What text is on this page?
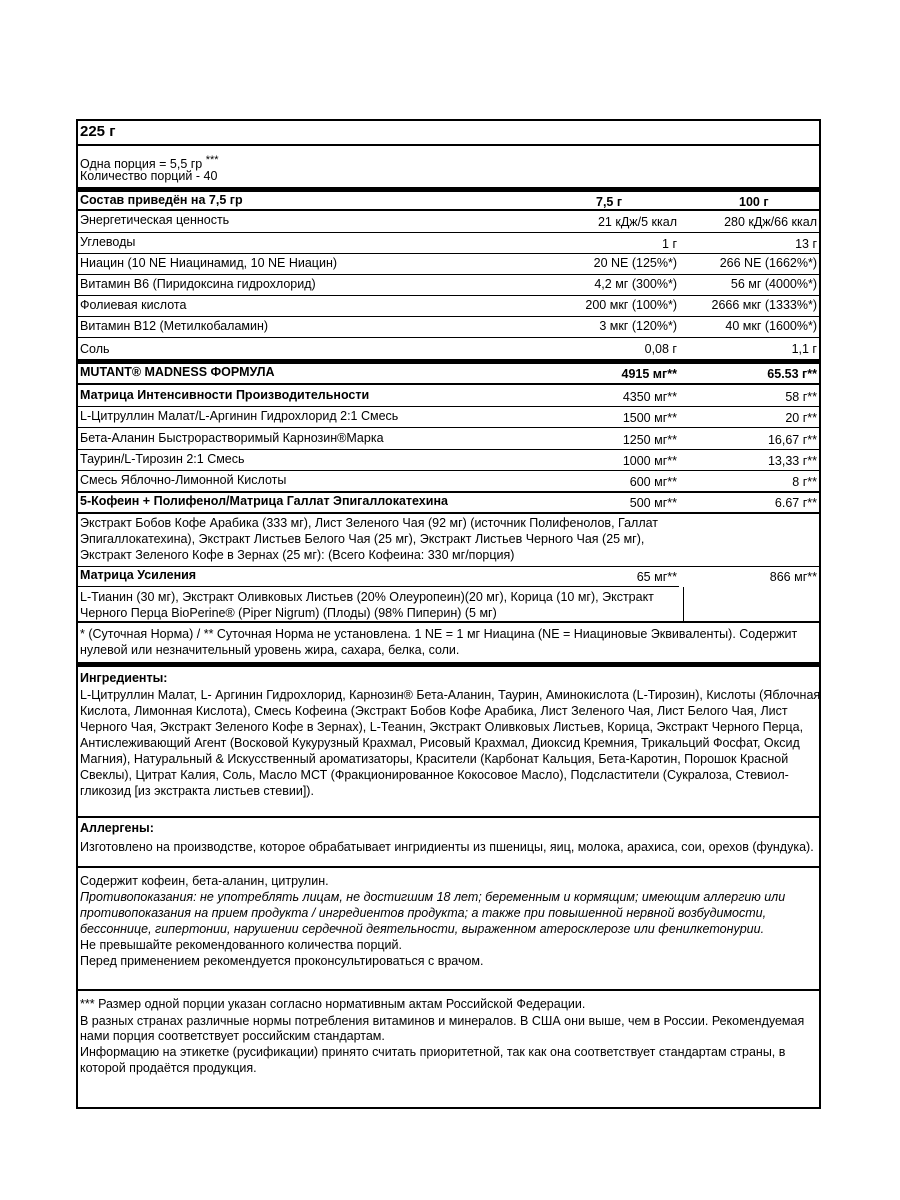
225 г
Одна порция = 5,5 гр ***
Количество порций - 40
Состав приведён на 7,5 гр	7,5 г	100 г
Энергетическая ценность	21 кДж/5 ккал	280 кДж/66 ккал
Углеводы	1 г	13 г
Ниацин (10 NE Ниацинамид, 10 NE Ниацин)	20 NE (125%*)	266 NE (1662%*)
Витамин B6 (Пиридоксина гидрохлорид)	4,2 мг (300%*)	56 мг (4000%*)
Фолиевая кислота	200 мкг (100%*)	2666 мкг (1333%*)
Витамин B12 (Метилкобаламин)	3 мкг (120%*)	40 мкг (1600%*)
Соль	0,08 г	1,1 г
MUTANT® MADNESS ФОРМУЛА	4915 мг**	65.53 г**
Матрица Интенсивности Производительности	4350 мг**	58 г**
L-Цитруллин Малат/L-Аргинин Гидрохлорид 2:1 Смесь	1500 мг**	20 г**
Бета-Аланин Быстрорастворимый Карнозин®Марка	1250 мг**	16,67 г**
Таурин/L-Тирозин 2:1 Смесь	1000 мг**	13,33 г**
Смесь Яблочно-Лимонной Кислоты	600 мг**	8 г**
5-Кофеин + Полифенол/Матрица Галлат Эпигаллокатехина	500 мг**	6.67 г**
Экстракт Бобов Кофе Арабика (333 мг), Лист Зеленого Чая (92 мг) (источник Полифенолов, Галлат
Эпигаллокатехина), Экстракт Листьев Белого Чая (25 мг), Экстракт Листьев Черного Чая (25 мг),
Экстракт Зеленого Кофе в Зернах (25 мг): (Всего Кофеина: 330 мг/порция)
Матрица Усиления	65 мг**	866 мг**
L-Тианин (30 мг), Экстракт Оливковых Листьев (20% Олеуропеин)(20 мг), Корица (10 мг), Экстракт
Черного Перца BioPerine® (Piper Nigrum) (Плоды) (98% Пиперин) (5 мг)
* (Суточная Норма) / ** Суточная Норма не установлена. 1 NE = 1 мг Ниацина (NE = Ниациновые Эквиваленты). Содержит
нулевой или незначительный уровень жира, сахара, белка, соли.
Ингредиенты:
L-Цитруллин Малат, L- Аргинин Гидрохлорид, Карнозин® Бета-Аланин, Таурин, Аминокислота (L-Тирозин), Кислоты (Яблочная
Кислота, Лимонная Кислота), Смесь Кофеина (Экстракт Бобов Кофе Арабика, Лист Зеленого Чая, Лист Белого Чая, Лист
Черного Чая, Экстракт Зеленого Кофе в Зернах), L-Теанин, Экстракт Оливковых Листьев, Корица, Экстракт Черного Перца,
Антислеживающий Агент (Восковой Кукурузный Крахмал, Рисовый Крахмал, Диоксид Кремния, Трикальций Фосфат, Оксид
Магния), Натуральный & Искусственный ароматизаторы, Красители (Карбонат Кальция, Бета-Каротин, Порошок Красной
Свеклы), Цитрат Калия, Соль, Масло МСТ (Фракционированное Кокосовое Масло), Подсластители (Сукралоза, Стевиол-
гликозид [из экстракта листьев стевии]).
Аллергены:
Изготовлено на производстве, которое обрабатывает ингридиенты из пшеницы, яиц, молока, арахиса, сои, орехов (фундука).
Содержит кофеин, бета-аланин, цитрулин.
Противопоказания: не употреблять лицам, не достигшим 18 лет; беременным и кормящим; имеющим аллергию или
противопоказания на прием продукта / ингредиентов продукта; а также при повышенной нервной возбудимости,
бессоннице, гипертонии, нарушении сердечной деятельности, выраженном атеросклерозе или фенилкетонурии.
Не превышайте рекомендованного количества порций.
Перед применением рекомендуется проконсультироваться с врачом.
*** Размер одной порции указан согласно нормативным актам Российской Федерации.
В разных странах различные нормы потребления витаминов и минералов. В США они выше, чем в России. Рекомендуемая
нами порция соответствует российским стандартам.
Информацию на этикетке (русификации) принято считать приоритетной, так как она соответствует стандартам страны, в
которой продаётся продукция.
